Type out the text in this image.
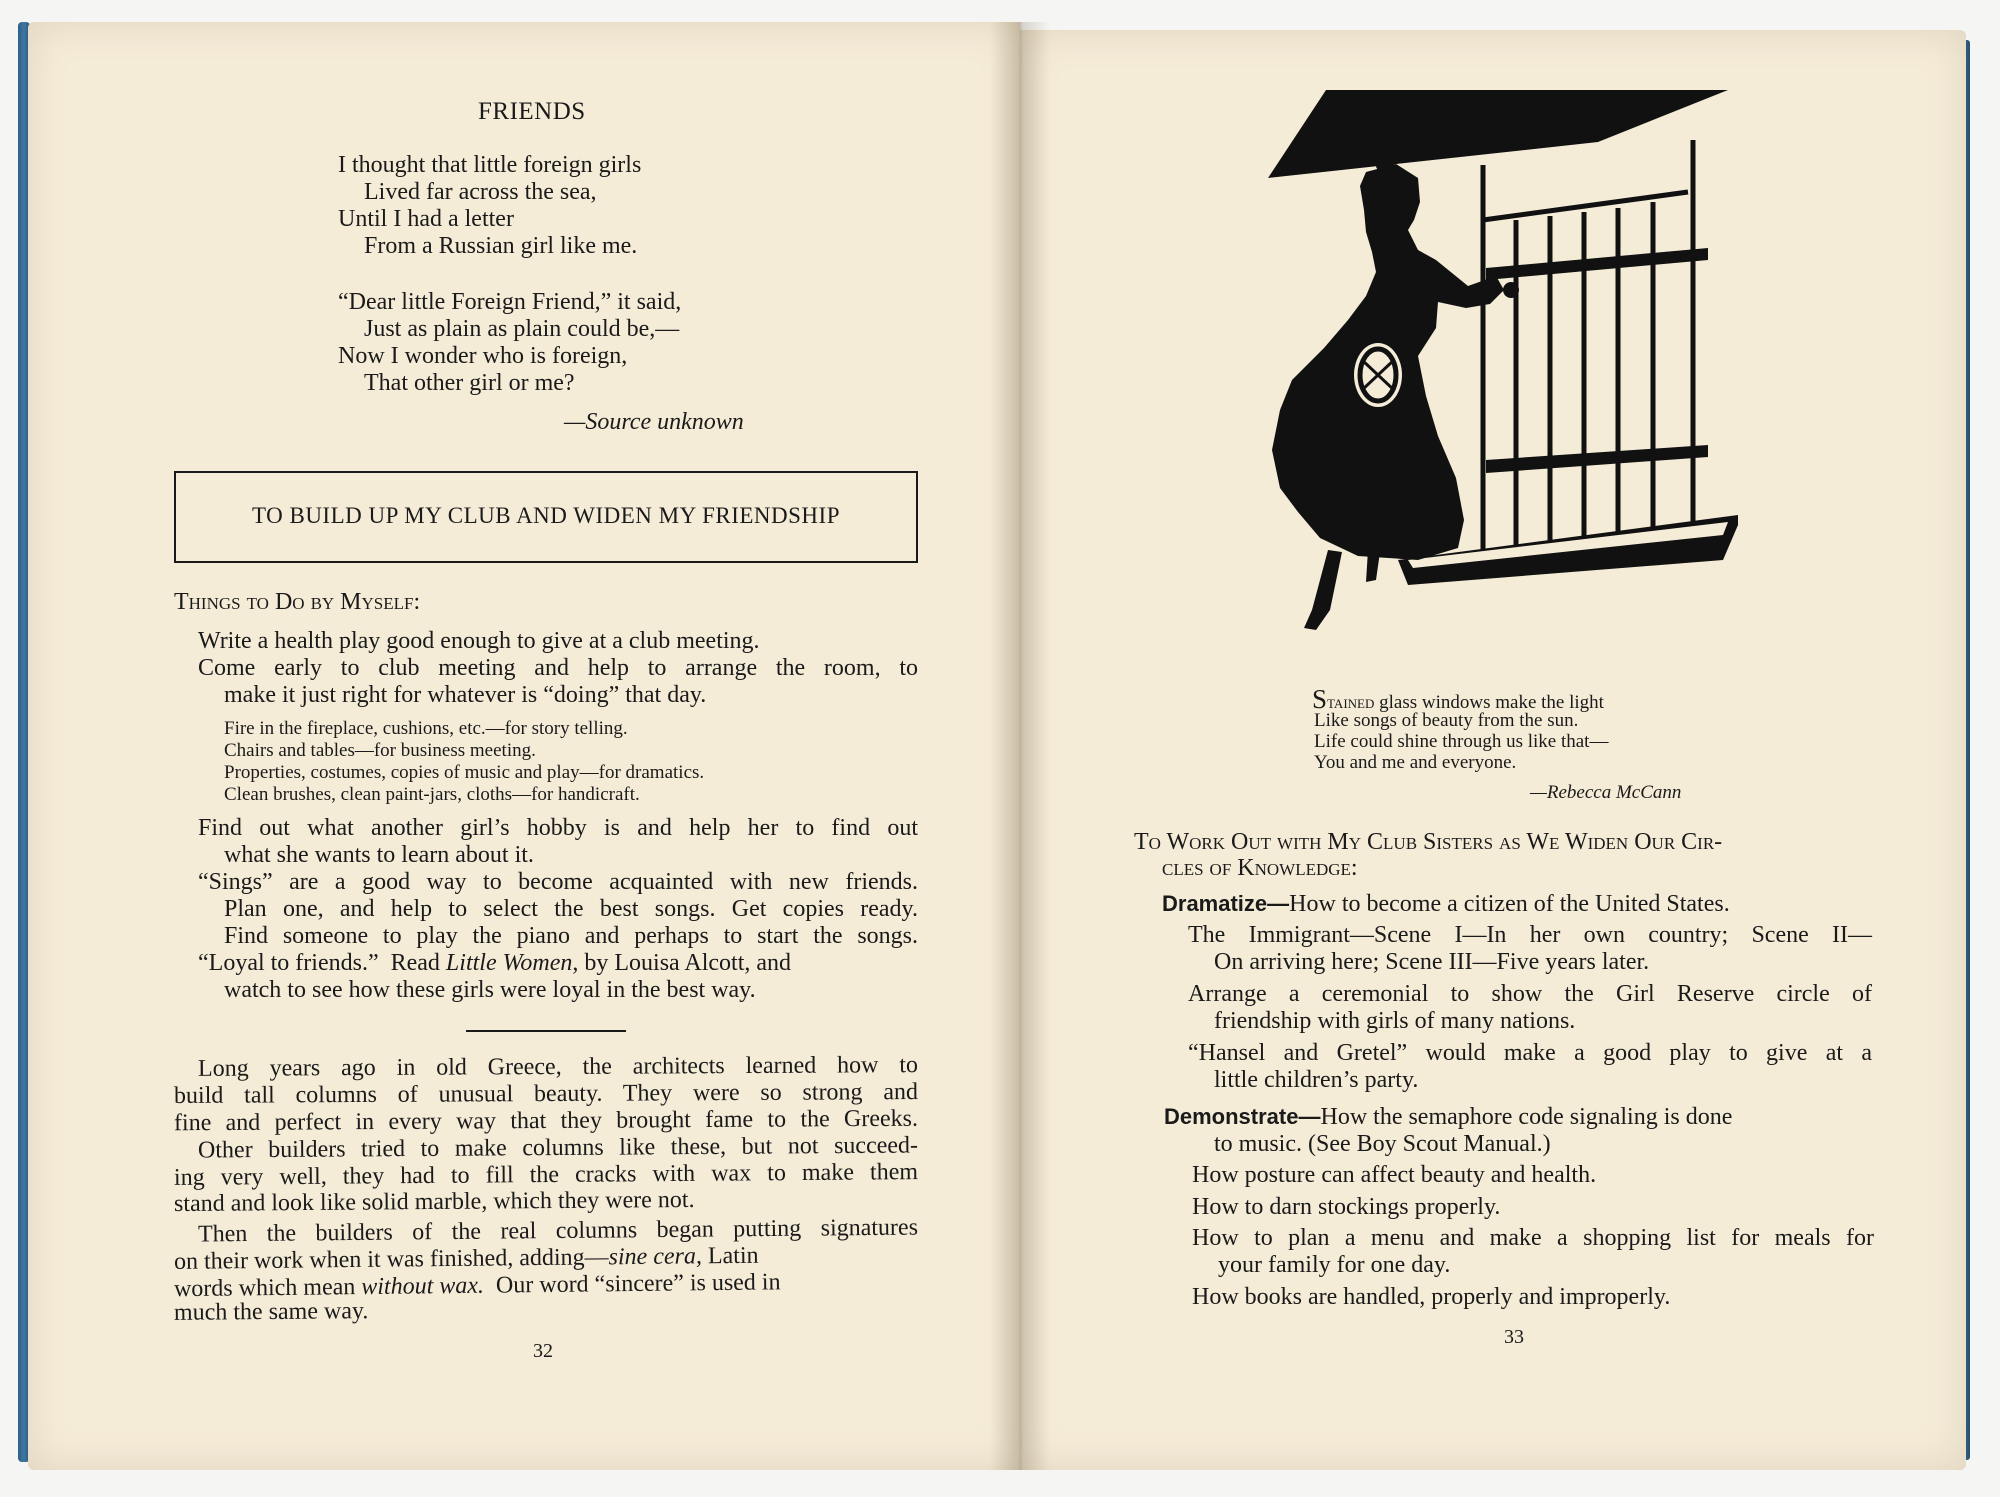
FRIENDS
I thought that little foreign girls
Lived far across the sea,
Until I had a letter
From a Russian girl like me.
“Dear little Foreign Friend,” it said,
Just as plain as plain could be,—
Now I wonder who is foreign,
That other girl or me?
—Source unknown
TO BUILD UP MY CLUB AND WIDEN MY FRIENDSHIP
Things to Do by Myself:
Write a health play good enough to give at a club meeting.
Come early to club meeting and help to arrange the room, to
make it just right for whatever is “doing” that day.
Fire in the fireplace, cushions, etc.—for story telling.
Chairs and tables—for business meeting.
Properties, costumes, copies of music and play—for dramatics.
Clean brushes, clean paint-jars, cloths—for handicraft.
Find out what another girl’s hobby is and help her to find out
what she wants to learn about it.
“Sings” are a good way to become acquainted with new friends.
Plan one, and help to select the best songs. Get copies ready.
Find someone to play the piano and perhaps to start the songs.
“Loyal to friends.”  Read Little Women, by Louisa Alcott, and
watch to see how these girls were loyal in the best way.
Long years ago in old Greece, the architects learned how to
build tall columns of unusual beauty. They were so strong and
fine and perfect in every way that they brought fame to the Greeks.
Other builders tried to make columns like these, but not succeed-
ing very well, they had to fill the cracks with wax to make them
stand and look like solid marble, which they were not.
Then the builders of the real columns began putting signatures
on their work when it was finished, adding—sine cera, Latin
words which mean without wax.  Our word “sincere” is used in
much the same way.
32
Stained glass windows make the light
Like songs of beauty from the sun.
Life could shine through us like that—
You and me and everyone.
—Rebecca McCann
To Work Out with My Club Sisters as We Widen Our Cir-
cles of Knowledge:
Dramatize—How to become a citizen of the United States.
The Immigrant—Scene I—In her own country; Scene II—
On arriving here; Scene III—Five years later.
Arrange a ceremonial to show the Girl Reserve circle of
friendship with girls of many nations.
“Hansel and Gretel” would make a good play to give at a
little children’s party.
Demonstrate—How the semaphore code signaling is done
to music. (See Boy Scout Manual.)
How posture can affect beauty and health.
How to darn stockings properly.
How to plan a menu and make a shopping list for meals for
your family for one day.
How books are handled, properly and improperly.
33
